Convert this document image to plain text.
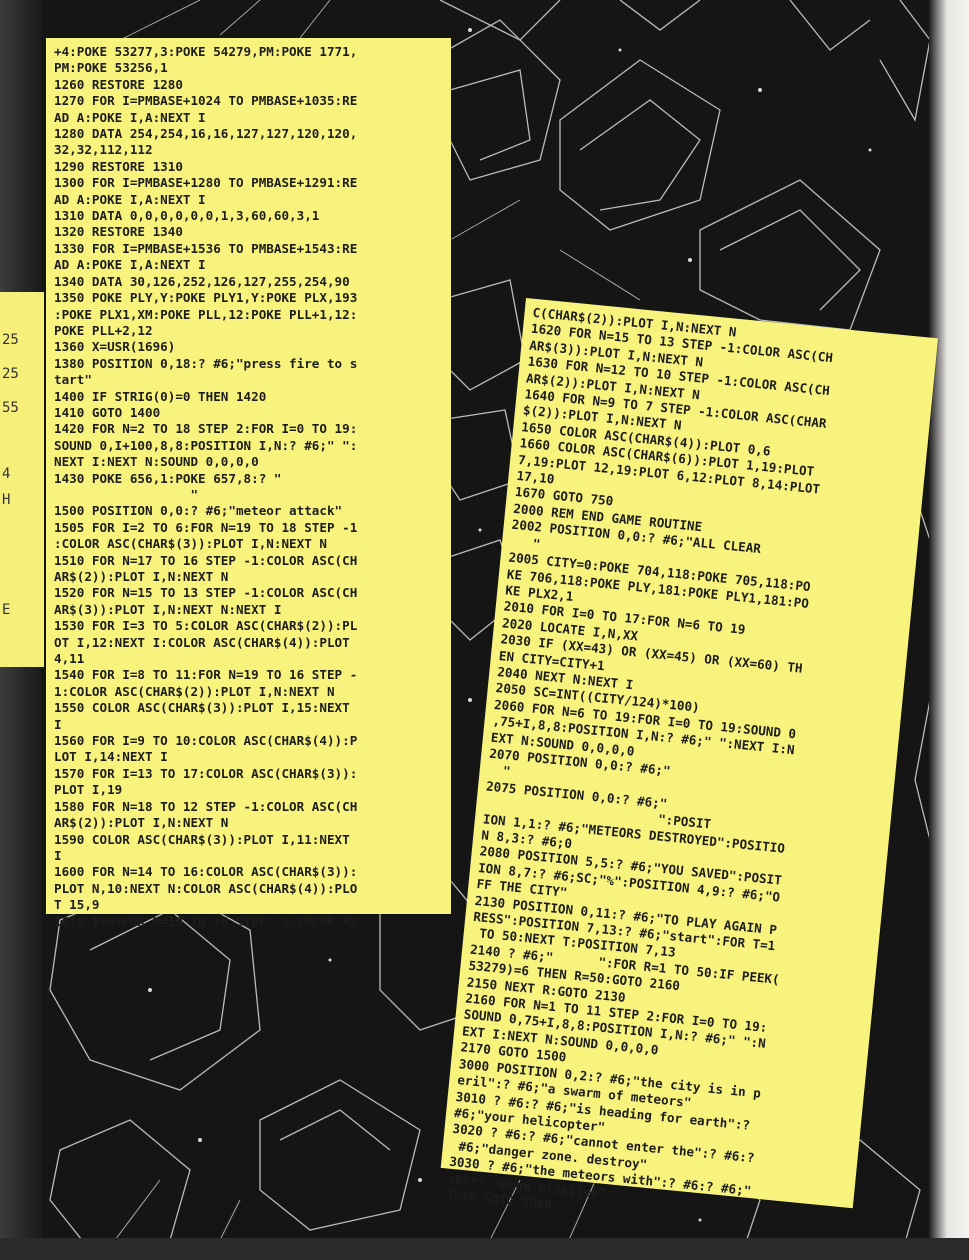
25
25
55
4
H
E
+4:POKE 53277,3:POKE 54279,PM:POKE 1771,
PM:POKE 53256,1
1260 RESTORE 1280
1270 FOR I=PMBASE+1024 TO PMBASE+1035:RE
AD A:POKE I,A:NEXT I
1280 DATA 254,254,16,16,127,127,120,120,
32,32,112,112
1290 RESTORE 1310
1300 FOR I=PMBASE+1280 TO PMBASE+1291:RE
AD A:POKE I,A:NEXT I
1310 DATA 0,0,0,0,0,0,1,3,60,60,3,1
1320 RESTORE 1340
1330 FOR I=PMBASE+1536 TO PMBASE+1543:RE
AD A:POKE I,A:NEXT I
1340 DATA 30,126,252,126,127,255,254,90
1350 POKE PLY,Y:POKE PLY1,Y:POKE PLX,193
:POKE PLX1,XM:POKE PLL,12:POKE PLL+1,12:
POKE PLL+2,12
1360 X=USR(1696)
1380 POSITION 0,18:? #6;"press fire to s
tart"
1400 IF STRIG(0)=0 THEN 1420
1410 GOTO 1400
1420 FOR N=2 TO 18 STEP 2:FOR I=0 TO 19:
SOUND 0,I+100,8,8:POSITION I,N:? #6;" ":
NEXT I:NEXT N:SOUND 0,0,0,0
1430 POKE 656,1:POKE 657,8:? "
"
1500 POSITION 0,0:? #6;"meteor attack"
1505 FOR I=2 TO 6:FOR N=19 TO 18 STEP -1
:COLOR ASC(CHAR$(3)):PLOT I,N:NEXT N
1510 FOR N=17 TO 16 STEP -1:COLOR ASC(CH
AR$(2)):PLOT I,N:NEXT N
1520 FOR N=15 TO 13 STEP -1:COLOR ASC(CH
AR$(3)):PLOT I,N:NEXT N:NEXT I
1530 FOR I=3 TO 5:COLOR ASC(CHAR$(2)):PL
OT I,12:NEXT I:COLOR ASC(CHAR$(4)):PLOT
4,11
1540 FOR I=8 TO 11:FOR N=19 TO 16 STEP -
1:COLOR ASC(CHAR$(2)):PLOT I,N:NEXT N
1550 COLOR ASC(CHAR$(3)):PLOT I,15:NEXT
I
1560 FOR I=9 TO 10:COLOR ASC(CHAR$(4)):P
LOT I,14:NEXT I
1570 FOR I=13 TO 17:COLOR ASC(CHAR$(3)):
PLOT I,19
1580 FOR N=18 TO 12 STEP -1:COLOR ASC(CH
AR$(2)):PLOT I,N:NEXT N
1590 COLOR ASC(CHAR$(3)):PLOT I,11:NEXT
I
1600 FOR N=14 TO 16:COLOR ASC(CHAR$(3)):
PLOT N,10:NEXT N:COLOR ASC(CHAR$(4)):PLO
T 15,9
1610 I=0:FOR N=19 TO 16 STEP -1:COLOR AS
C(CHAR$(2)):PLOT I,N:NEXT N
1620 FOR N=15 TO 13 STEP -1:COLOR ASC(CH
AR$(3)):PLOT I,N:NEXT N
1630 FOR N=12 TO 10 STEP -1:COLOR ASC(CH
AR$(2)):PLOT I,N:NEXT N
1640 FOR N=9 TO 7 STEP -1:COLOR ASC(CHAR
$(2)):PLOT I,N:NEXT N
1650 COLOR ASC(CHAR$(4)):PLOT 0,6
1660 COLOR ASC(CHAR$(6)):PLOT 1,19:PLOT
7,19:PLOT 12,19:PLOT 6,12:PLOT 8,14:PLOT
17,10
1670 GOTO 750
2000 REM END GAME ROUTINE
2002 POSITION 0,0:? #6;"ALL CLEAR
"
2005 CITY=0:POKE 704,118:POKE 705,118:PO
KE 706,118:POKE PLY,181:POKE PLY1,181:PO
KE PLX2,1
2010 FOR I=0 TO 17:FOR N=6 TO 19
2020 LOCATE I,N,XX
2030 IF (XX=43) OR (XX=45) OR (XX=60) TH
EN CITY=CITY+1
2040 NEXT N:NEXT I
2050 SC=INT((CITY/124)*100)
2060 FOR N=6 TO 19:FOR I=0 TO 19:SOUND 0
,75+I,8,8:POSITION I,N:? #6;" ":NEXT I:N
EXT N:SOUND 0,0,0,0
2070 POSITION 0,0:? #6;"
"
2075 POSITION 0,0:? #6;"
":POSIT
ION 1,1:? #6;"METEORS DESTROYED":POSITIO
N 8,3:? #6;0
2080 POSITION 5,5:? #6;"YOU SAVED":POSIT
ION 8,7:? #6;SC;"%":POSITION 4,9:? #6;"O
FF THE CITY"
2130 POSITION 0,11:? #6;"TO PLAY AGAIN P
RESS":POSITION 7,13:? #6;"start":FOR T=1
TO 50:NEXT T:POSITION 7,13
2140 ? #6;"      ":FOR R=1 TO 50:IF PEEK(
53279)=6 THEN R=50:GOTO 2160
2150 NEXT R:GOTO 2130
2160 FOR N=1 TO 11 STEP 2:FOR I=0 TO 19:
SOUND 0,75+I,8,8:POSITION I,N:? #6;" ":N
EXT I:NEXT N:SOUND 0,0,0,0
2170 GOTO 1500
3000 POSITION 0,2:? #6;"the city is in p
eril":? #6;"a swarm of meteors"
3010 ? #6:? #6;"is heading for earth":?
#6;"your helicopter"
3020 ? #6:? #6;"cannot enter the":? #6:?
#6;"danger zone. destroy"
3030 ? #6;"the meteors with":? #6:? #6;"
short range missiles"
3050 GOTO 1000
